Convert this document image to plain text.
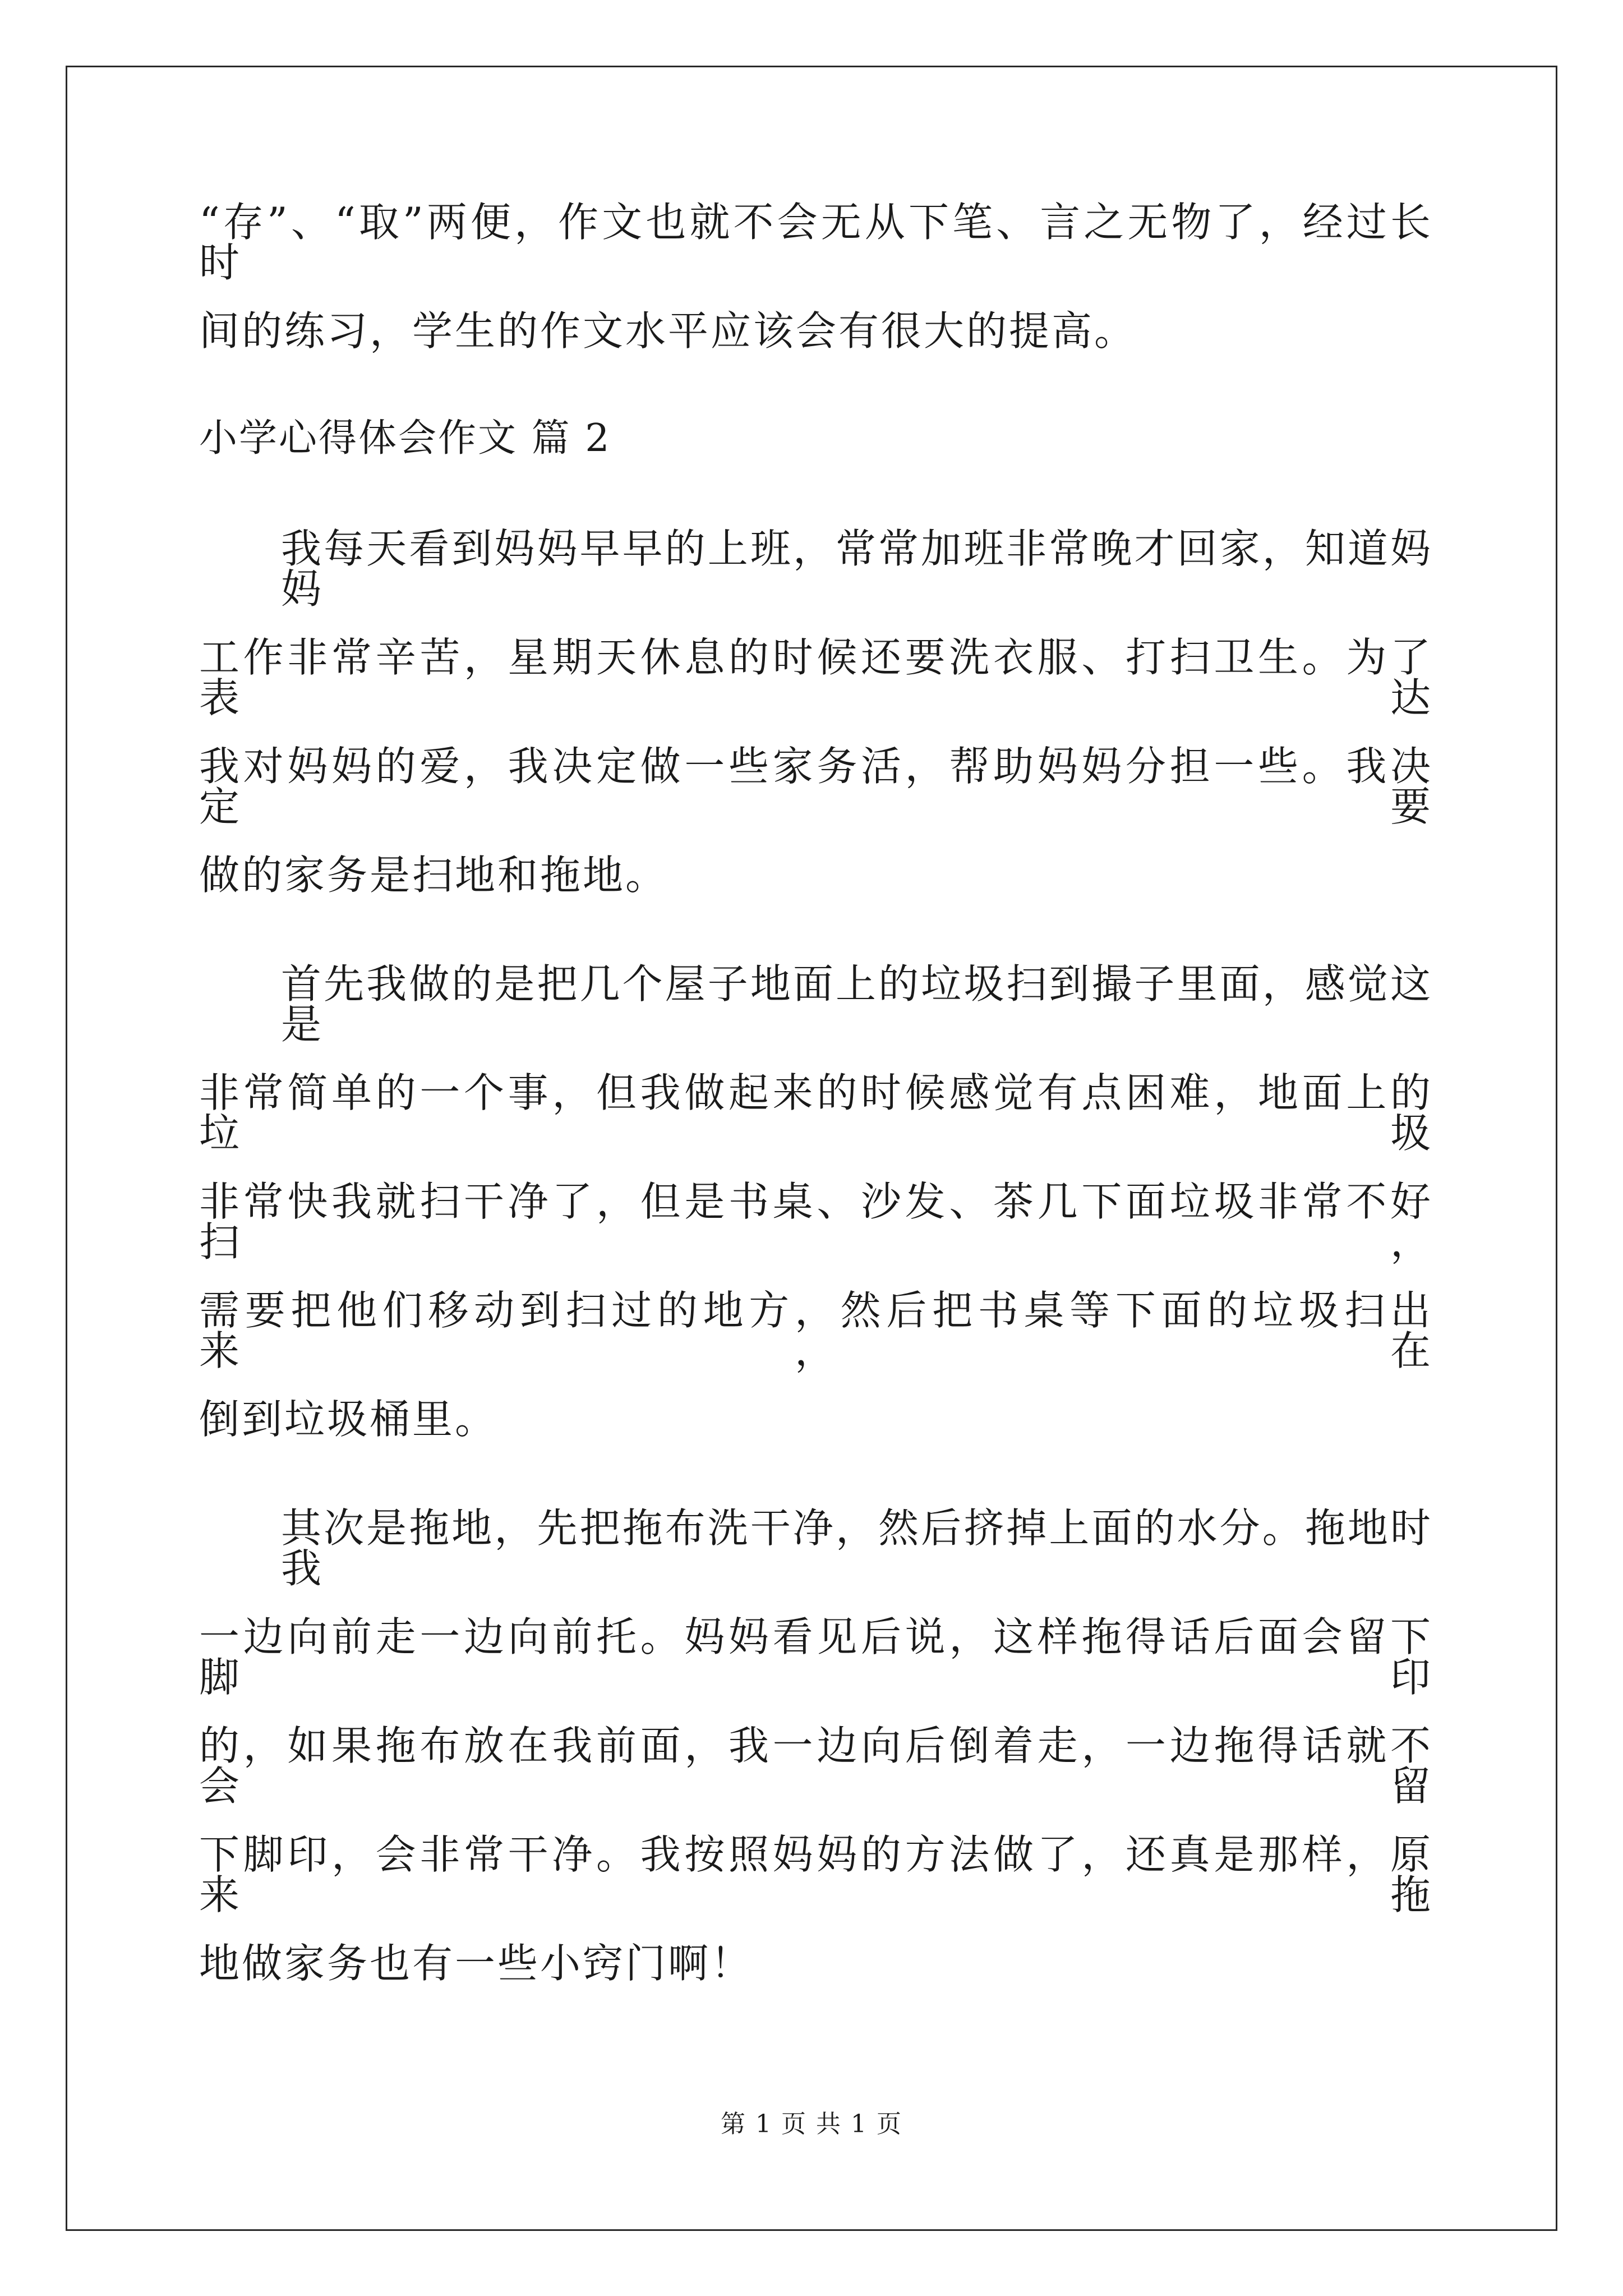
“存”、“取”两便，作文也就不会无从下笔、言之无物了，经过长时
间的练习，学生的作文水平应该会有很大的提高。
小学心得体会作文 篇 2
我每天看到妈妈早早的上班，常常加班非常晚才回家，知道妈妈
工作非常辛苦，星期天休息的时候还要洗衣服、打扫卫生。为了表达
我对妈妈的爱，我决定做一些家务活，帮助妈妈分担一些。我决定要
做的家务是扫地和拖地。
首先我做的是把几个屋子地面上的垃圾扫到撮子里面，感觉这是
非常简单的一个事，但我做起来的时候感觉有点困难，地面上的垃圾
非常快我就扫干净了，但是书桌、沙发、茶几下面垃圾非常不好扫，
需要把他们移动到扫过的地方，然后把书桌等下面的垃圾扫出来，在
倒到垃圾桶里。
其次是拖地，先把拖布洗干净，然后挤掉上面的水分。拖地时我
一边向前走一边向前托。妈妈看见后说，这样拖得话后面会留下脚印
的，如果拖布放在我前面，我一边向后倒着走，一边拖得话就不会留
下脚印，会非常干净。我按照妈妈的方法做了，还真是那样，原来拖
地做家务也有一些小窍门啊！
第 1 页 共 1 页
